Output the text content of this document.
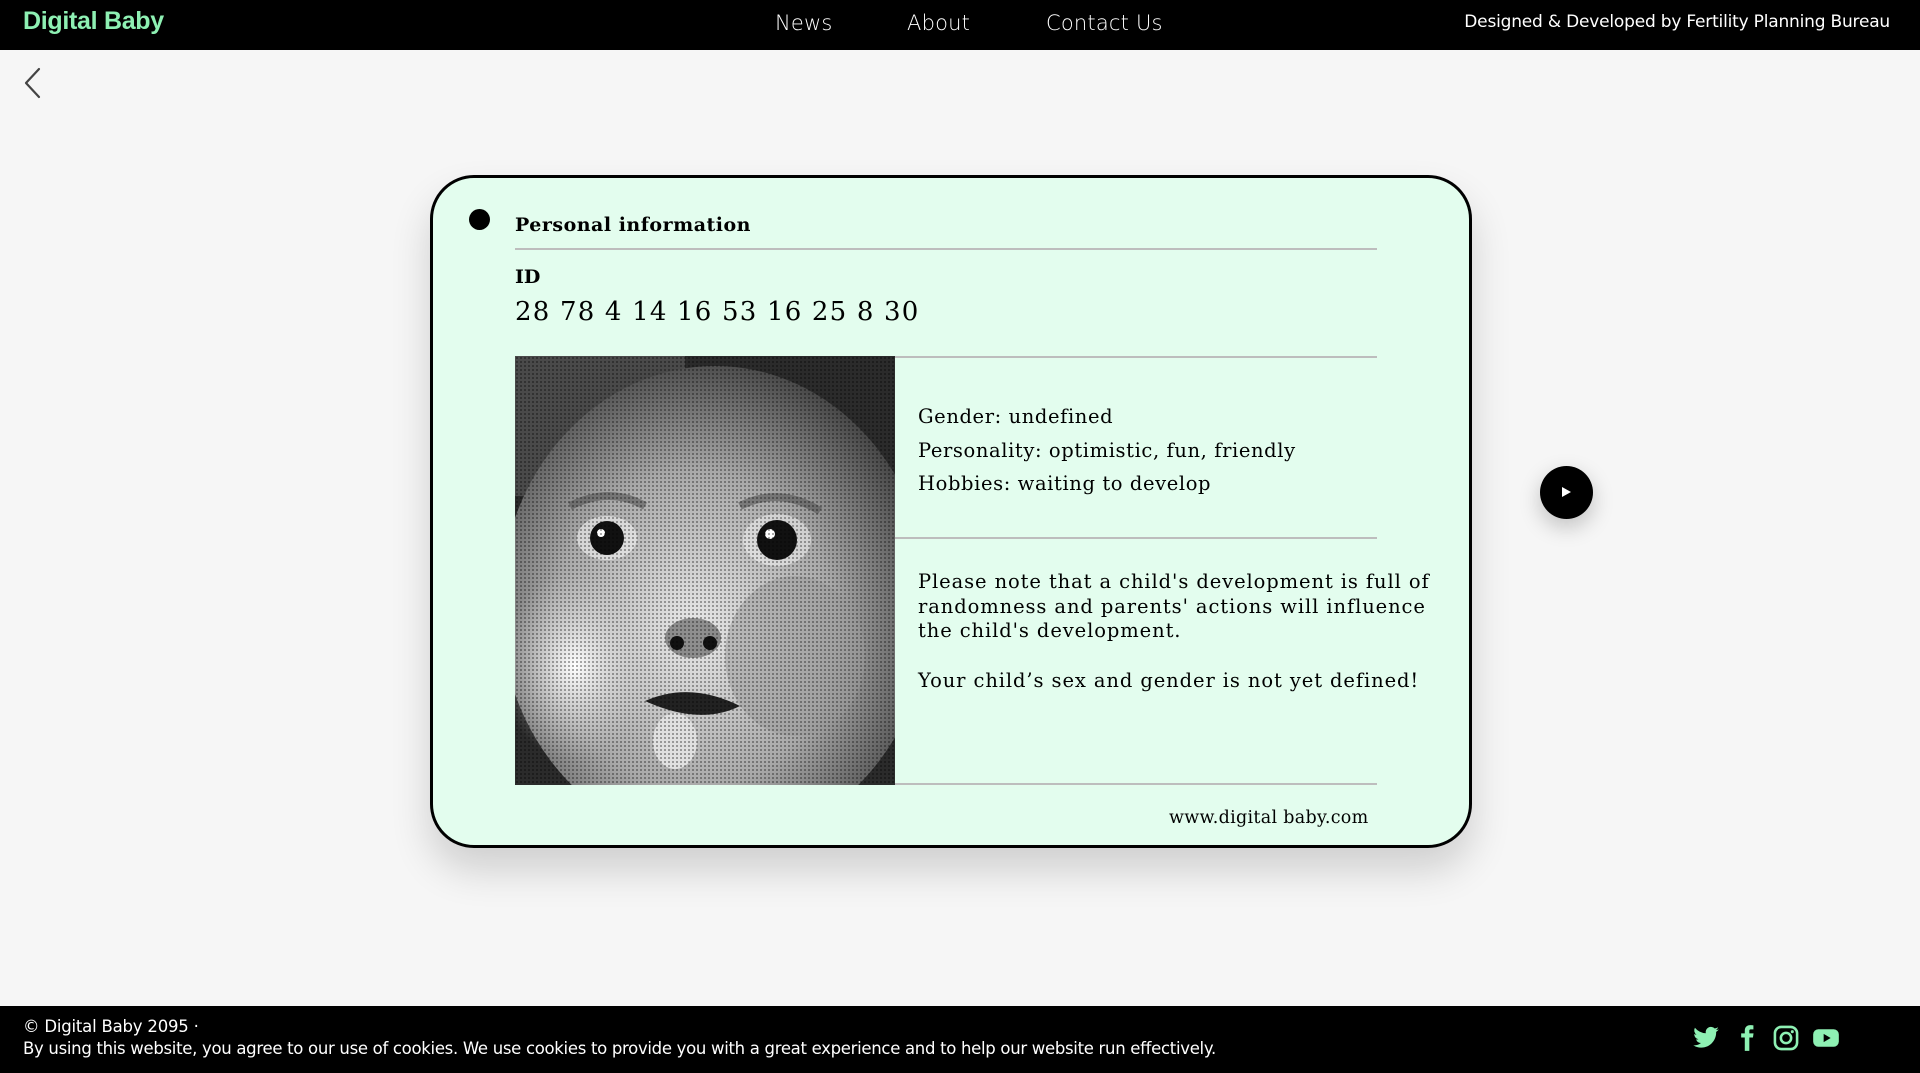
Digital Baby	News	About	Contact Us	Designed & Developed by Fertility Planning Bureau
Personal information
ID
28 78 4 14 16 53 16 25 8 30
Gender: undefined
Personality: optimistic, fun, friendly
Hobbies: waiting to develop
Please note that a child's development is full of
randomness and parents' actions will influence
the child's development.
Your child’s sex and gender is not yet defined!
www.digital baby.com
© Digital Baby 2095 ·
By using this website, you agree to our use of cookies. We use cookies to provide you with a great experience and to help our website run effectively.
